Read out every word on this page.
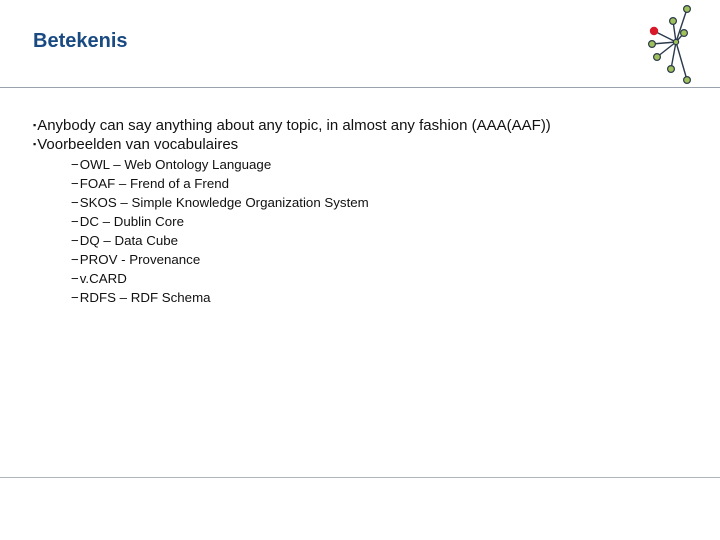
Betekenis
▪Anybody can say anything about any topic, in almost any fashion (AAA(AAF))
▪Voorbeelden van vocabulaires
−OWL – Web Ontology Language
−FOAF – Frend of a Frend
−SKOS – Simple Knowledge Organization System
−DC – Dublin Core
−DQ – Data Cube
−PROV - Provenance
−v.CARD
−RDFS – RDF Schema
